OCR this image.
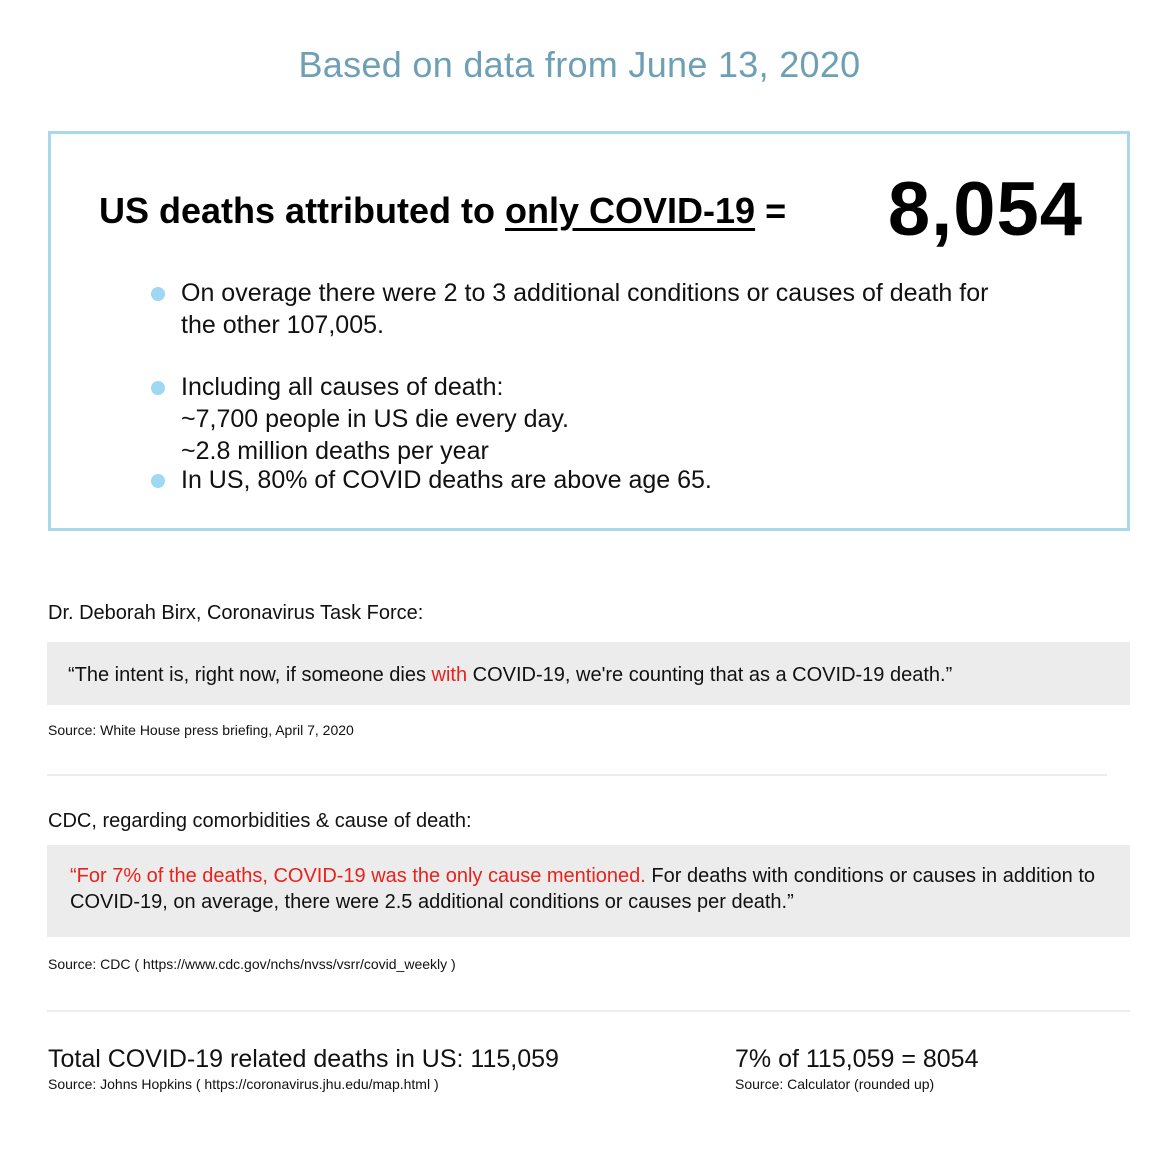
Based on data from June 13, 2020
US deaths attributed to only COVID-19 = 8,054
On overage there were 2 to 3 additional conditions or causes of death for the other 107,005.
Including all causes of death:
~7,700 people in US die every day.
~2.8 million deaths per year
In US, 80% of COVID deaths are above age 65.
Dr. Deborah Birx, Coronavirus Task Force:
“The intent is, right now, if someone dies with COVID-19, we're counting that as a COVID-19 death.”
Source: White House press briefing, April 7, 2020
CDC, regarding comorbidities & cause of death:
“For 7% of the deaths, COVID-19 was the only cause mentioned. For deaths with conditions or causes in addition to COVID-19, on average, there were 2.5 additional conditions or causes per death.”
Source: CDC ( https://www.cdc.gov/nchs/nvss/vsrr/covid_weekly )
Total COVID-19 related deaths in US: 115,059
Source: Johns Hopkins ( https://coronavirus.jhu.edu/map.html )
7% of 115,059 = 8054
Source: Calculator (rounded up)
